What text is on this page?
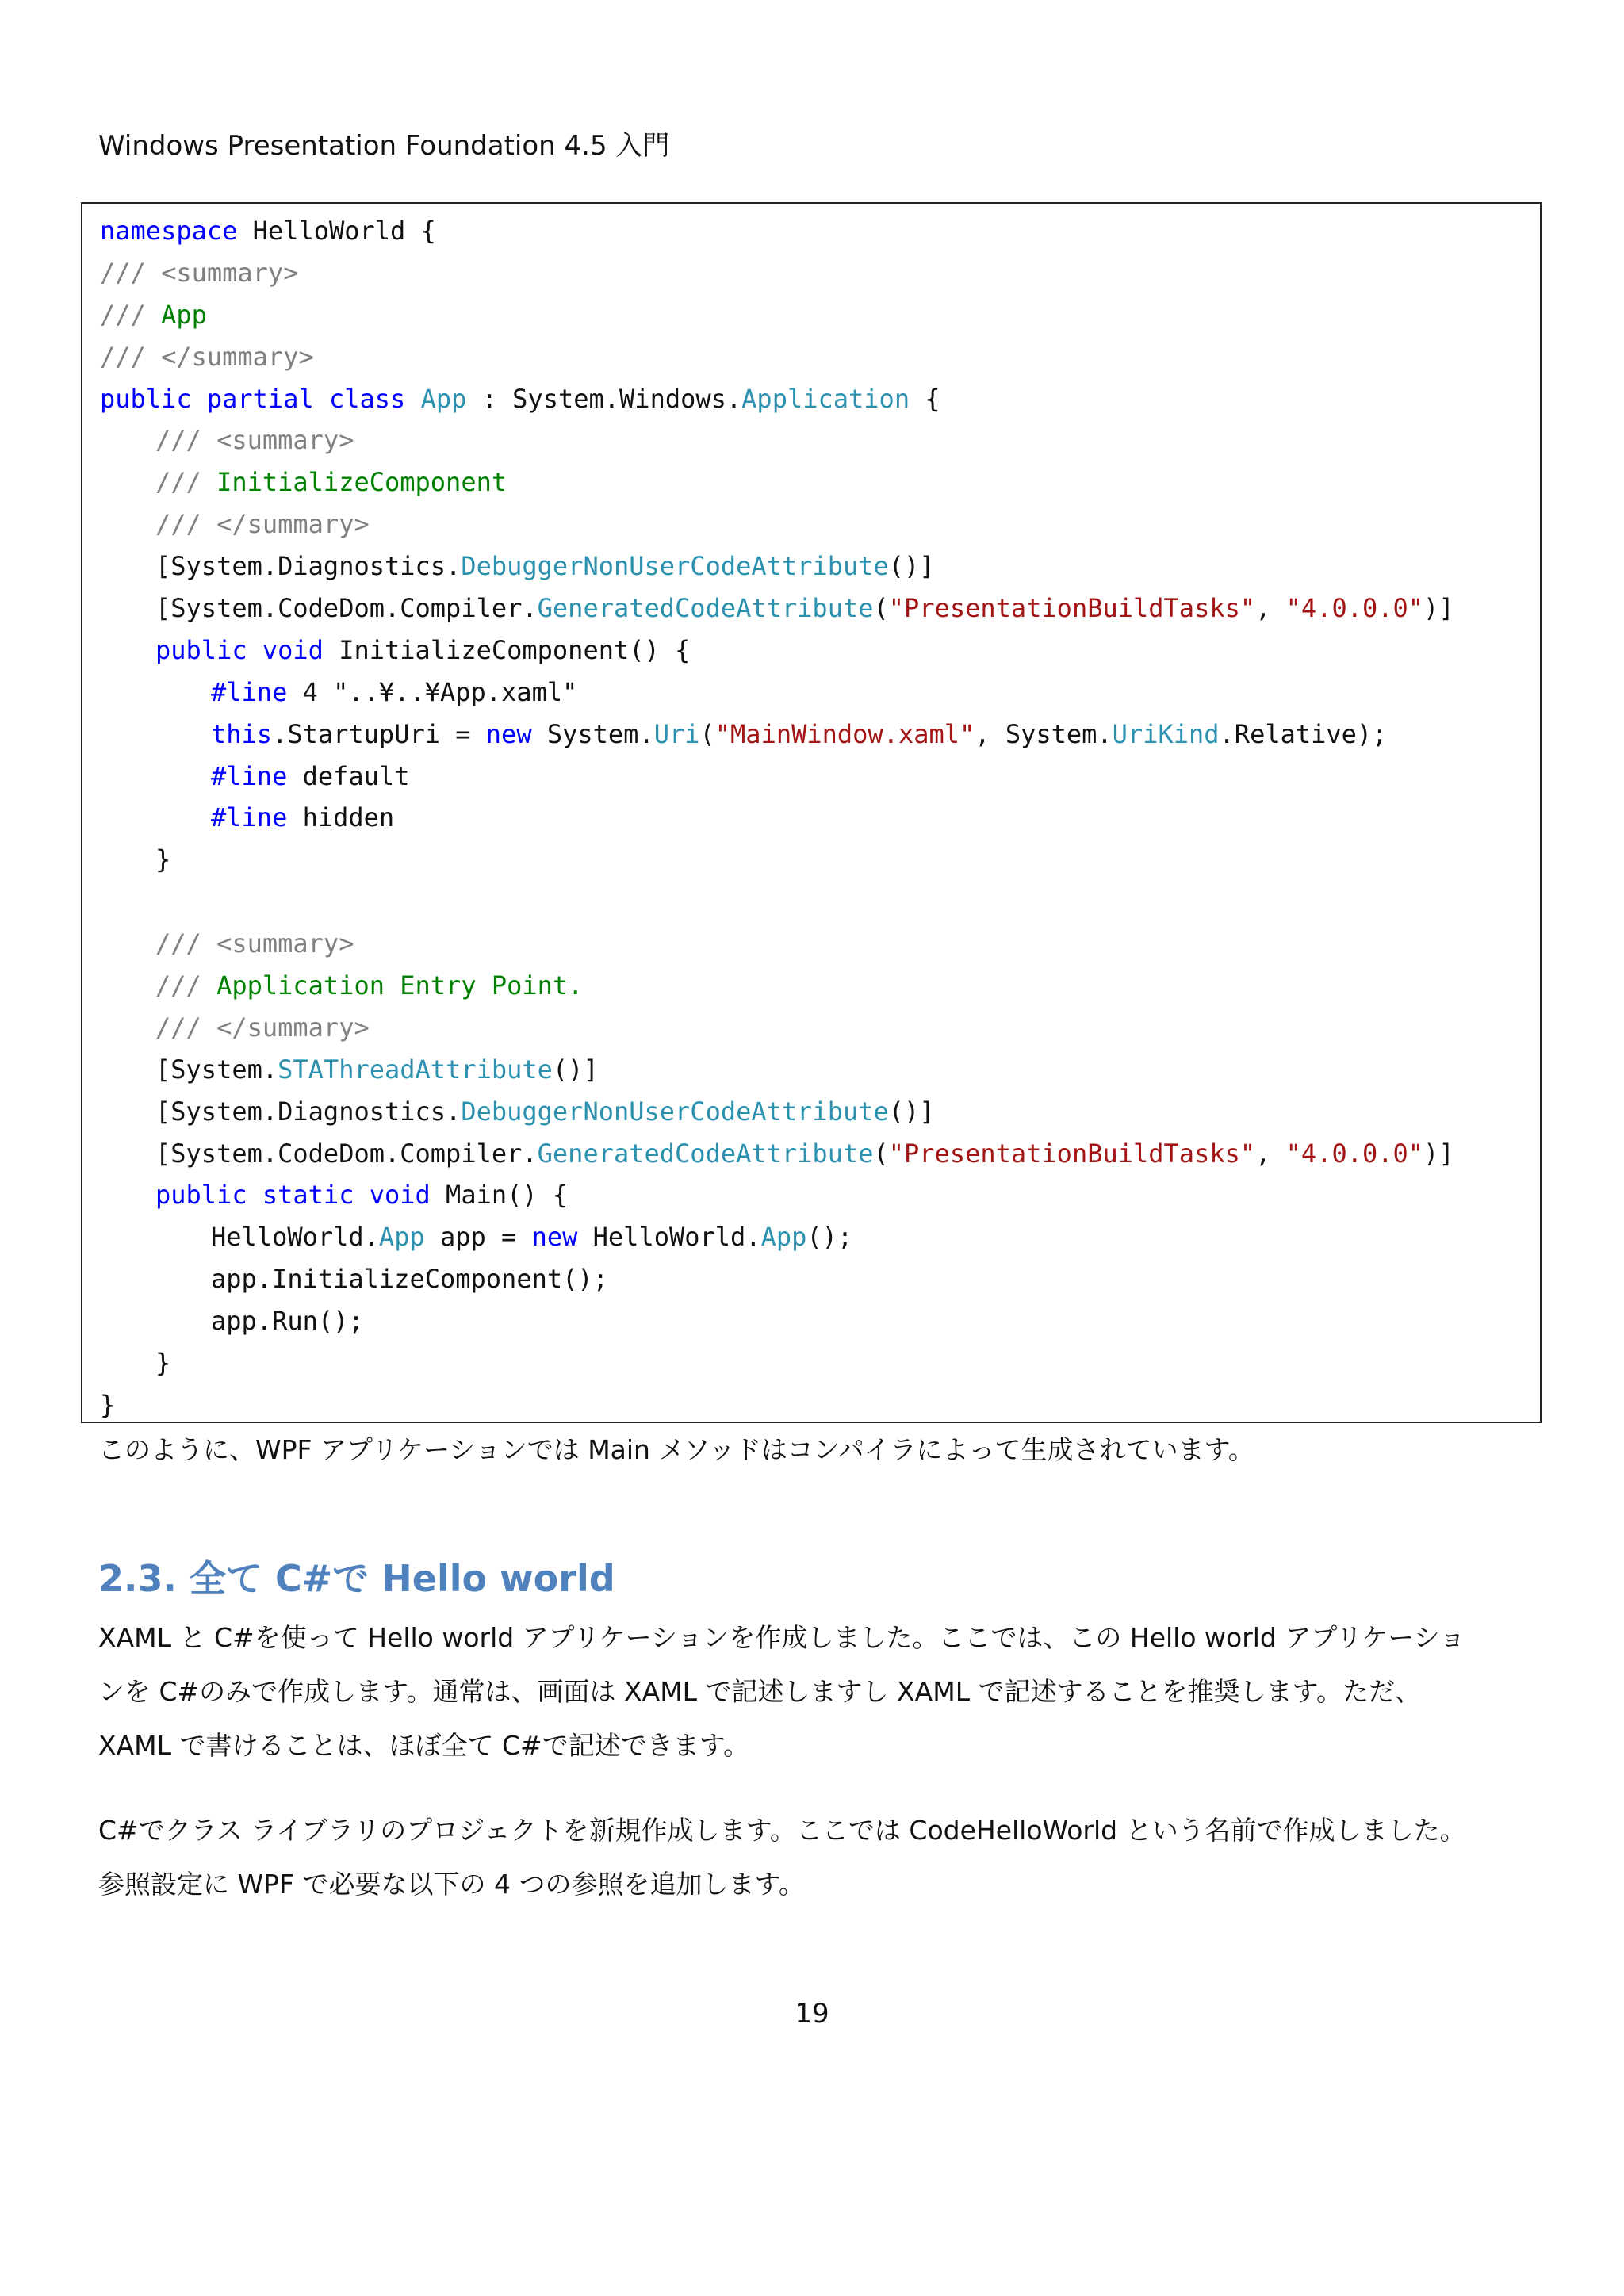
Windows Presentation Foundation 4.5 入門
namespace HelloWorld {
/// <summary>
/// App
/// </summary>
public partial class App : System.Windows.Application {
/// <summary>
/// InitializeComponent
/// </summary>
[System.Diagnostics.DebuggerNonUserCodeAttribute()]
[System.CodeDom.Compiler.GeneratedCodeAttribute("PresentationBuildTasks", "4.0.0.0")]
public void InitializeComponent() {
#line 4 "..¥..¥App.xaml"
this.StartupUri = new System.Uri("MainWindow.xaml", System.UriKind.Relative);
#line default
#line hidden
}
/// <summary>
/// Application Entry Point.
/// </summary>
[System.STAThreadAttribute()]
[System.Diagnostics.DebuggerNonUserCodeAttribute()]
[System.CodeDom.Compiler.GeneratedCodeAttribute("PresentationBuildTasks", "4.0.0.0")]
public static void Main() {
HelloWorld.App app = new HelloWorld.App();
app.InitializeComponent();
app.Run();
}
}
このように、WPF アプリケーションでは Main メソッドはコンパイラによって生成されています。
2.3. 全て C#で Hello world
XAML と C#を使って Hello world アプリケーションを作成しました。ここでは、この Hello world アプリケーショ
ンを C#のみで作成します。通常は、画面は XAML で記述しますし XAML で記述することを推奨します。ただ、
XAML で書けることは、ほぼ全て C#で記述できます。
C#でクラス ライブラリのプロジェクトを新規作成します。ここでは CodeHelloWorld という名前で作成しました。
参照設定に WPF で必要な以下の 4 つの参照を追加します。
19
